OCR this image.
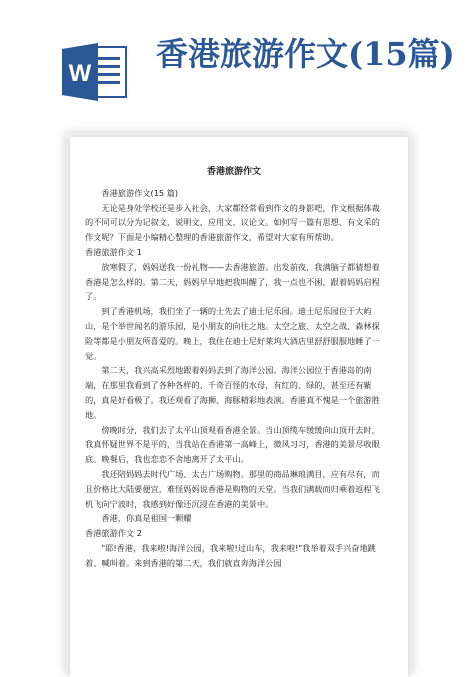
W
香港旅游作文(15篇)
香港旅游作文

香港旅游作文(15 篇)

无论是身处学校还是步入社会，大家都经常看到作文的身影吧，作文根据体裁的不同可以分为记叙文、说明文、应用文、议论文。如何写一篇有思想、有文采的作文呢？下面是小编精心整理的香港旅游作文，希望对大家有所帮助。

香港旅游作文 1

放寒假了，妈妈送我一份礼物——去香港旅游。出发前夜，我满脑子都猜想着香港是怎么样的。第二天，妈妈早早地把我叫醒了，我一点也不困，跟着妈妈启程了。

到了香港机场，我们坐了一辆的士先去了迪士尼乐园。迪士尼乐园位于大屿山，是个举世闻名的游乐园，是小朋友的向往之地。太空之旅、太空之战、森林探险等都是小朋友所喜爱的。晚上，我住在迪士尼好莱坞大酒店里舒舒服服地睡了一觉。

第二天，我兴高采烈地跟着妈妈去到了海洋公园。海洋公园位于香港岛的南端，在那里我看到了各种各样的、千奇百怪的水母，有红的、绿的，甚至还有紫的，真是好看极了。我还观看了海狮、海豚精彩地表演。香港真不愧是一个旅游胜地。

傍晚时分，我们去了太平山顶观看香港全景。当山顶缆车缓缓向山顶开去时，我真怀疑世界不是平的，当我站在香港第一高峰上，微风习习，香港的美景尽收眼底。晚餐后，我也恋恋不舍地离开了太平山。

我还陪妈妈去时代广场、太古广场购物。那里的商品琳琅满目，应有尽有，而且价格比大陆要便宜，难怪妈妈说香港是购物的天堂。当我们满载而归乘着返程飞机飞向宁波时，我感到好像还沉浸在香港的美景中。

香港，你真是祖国一颗耀

香港旅游作文 2

"耶!香港，我来啦!海洋公园，我来啦!过山车，我来啦!"我举着双手兴奋地跳着、喊叫着。来到香港的第二天，我们就直奔海洋公园
